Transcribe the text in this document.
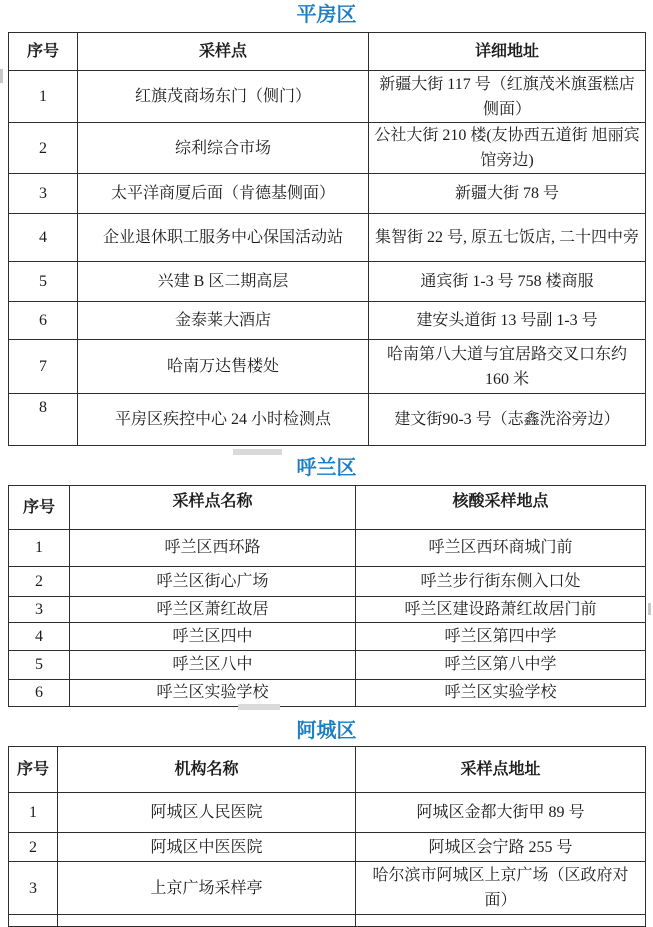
平房区
序号	采样点	详细地址
1	红旗茂商场东门（侧门）	新疆大街 117 号（红旗茂米旗蛋糕店侧面）
2	综利综合市场	公社大街 210 楼(友协西五道街 旭丽宾馆旁边)
3	太平洋商厦后面（肯德基侧面）	新疆大街 78 号
4	企业退休职工服务中心保国活动站	集智街 22 号, 原五七饭店, 二十四中旁
5	兴建 B 区二期高层	通宾街 1-3 号 758 楼商服
6	金泰莱大酒店	建安头道街 13 号副 1-3 号
7	哈南万达售楼处	哈南第八大道与宜居路交叉口东约 160 米
8	平房区疾控中心 24 小时检测点	建文街90-3 号（志鑫洗浴旁边）
呼兰区
序号	采样点名称	核酸采样地点
1	呼兰区西环路	呼兰区西环商城门前
2	呼兰区街心广场	呼兰步行街东侧入口处
3	呼兰区萧红故居	呼兰区建设路萧红故居门前
4	呼兰区四中	呼兰区第四中学
5	呼兰区八中	呼兰区第八中学
6	呼兰区实验学校	呼兰区实验学校
阿城区
序号	机构名称	采样点地址
1	阿城区人民医院	阿城区金都大街甲 89 号
2	阿城区中医医院	阿城区会宁路 255 号
3	上京广场采样亭	哈尔滨市阿城区上京广场（区政府对面）
